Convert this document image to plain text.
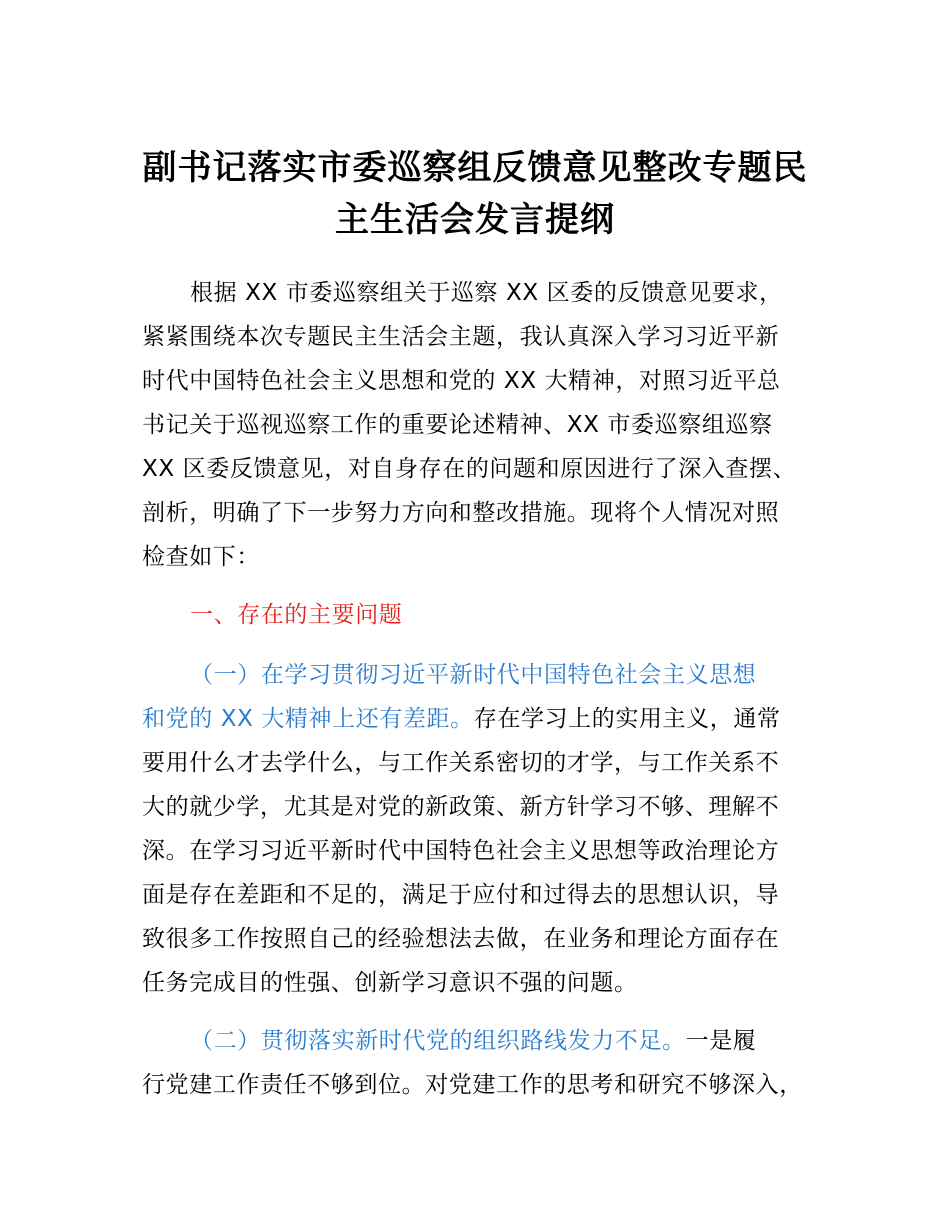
副书记落实市委巡察组反馈意见整改专题民
主生活会发言提纲

根据 XX 市委巡察组关于巡察 XX 区委的反馈意见要求，

紧紧围绕本次专题民主生活会主题，我认真深入学习习近平新

时代中国特色社会主义思想和党的 XX 大精神，对照习近平总

书记关于巡视巡察工作的重要论述精神、XX 市委巡察组巡察

XX 区委反馈意见，对自身存在的问题和原因进行了深入查摆、

剖析，明确了下一步努力方向和整改措施。现将个人情况对照

检查如下：

一、存在的主要问题

（一）在学习贯彻习近平新时代中国特色社会主义思想

和党的 XX 大精神上还有差距。存在学习上的实用主义，通常

要用什么才去学什么，与工作关系密切的才学，与工作关系不

大的就少学，尤其是对党的新政策、新方针学习不够、理解不

深。在学习习近平新时代中国特色社会主义思想等政治理论方

面是存在差距和不足的，满足于应付和过得去的思想认识，导

致很多工作按照自己的经验想法去做，在业务和理论方面存在

任务完成目的性强、创新学习意识不强的问题。

（二）贯彻落实新时代党的组织路线发力不足。一是履

行党建工作责任不够到位。对党建工作的思考和研究不够深入，
